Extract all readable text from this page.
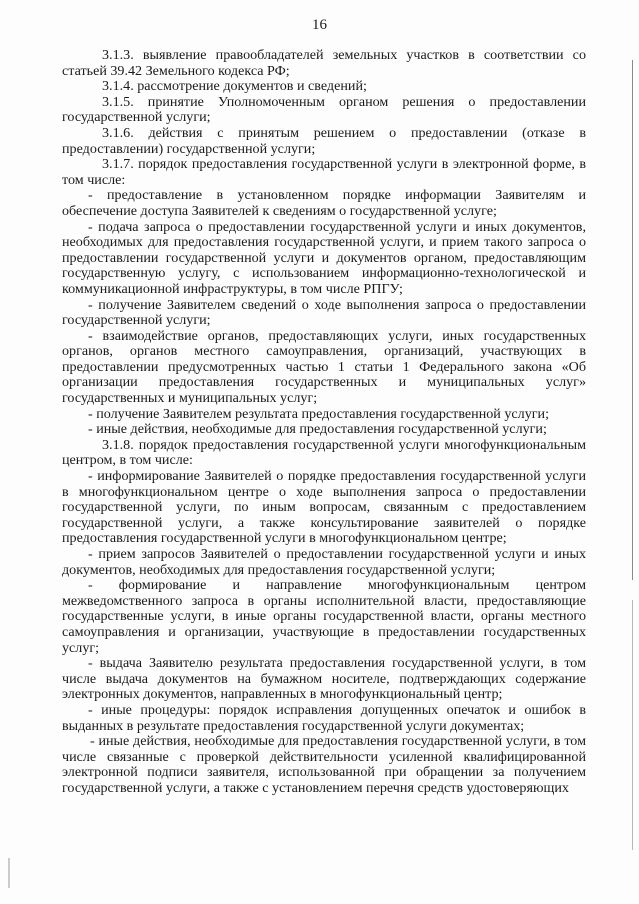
16

3.1.3. выявление правообладателей земельных участков в соответствии со статьей 39.42 Земельного кодекса РФ;

3.1.4. рассмотрение документов и сведений;

3.1.5. принятие Уполномоченным органом решения о предоставлении государственной услуги;

3.1.6. действия с принятым решением о предоставлении (отказе в предоставлении) государственной услуги;

3.1.7. порядок предоставления государственной услуги в электронной форме, в том числе:

- предоставление в установленном порядке информации Заявителям и обеспечение доступа Заявителей к сведениям о государственной услуге;

- подача запроса о предоставлении государственной услуги и иных документов, необходимых для предоставления государственной услуги, и прием такого запроса о предоставлении государственной услуги и документов органом, предоставляющим государственную услугу, с использованием информационно-технологической и коммуникационной инфраструктуры, в том числе РПГУ;

- получение Заявителем сведений о ходе выполнения запроса о предоставлении государственной услуги;

- взаимодействие органов, предоставляющих услуги, иных государственных органов, органов местного самоуправления, организаций, участвующих в предоставлении предусмотренных частью 1 статьи 1 Федерального закона «Об организации предоставления государственных и муниципальных услуг» государственных и муниципальных услуг;

- получение Заявителем результата предоставления государственной услуги;

- иные действия, необходимые для предоставления государственной услуги;

3.1.8. порядок предоставления государственной услуги многофункциональным центром, в том числе:

- информирование Заявителей о порядке предоставления государственной услуги в многофункциональном центре о ходе выполнения запроса о предоставлении государственной услуги, по иным вопросам, связанным с предоставлением государственной услуги, а также консультирование заявителей о порядке предоставления государственной услуги в многофункциональном центре;

- прием запросов Заявителей о предоставлении государственной услуги и иных документов, необходимых для предоставления государственной услуги;

- формирование и направление многофункциональным центром межведомственного запроса в органы исполнительной власти, предоставляющие государственные услуги, в иные органы государственной власти, органы местного самоуправления и организации, участвующие в предоставлении государственных услуг;

- выдача Заявителю результата предоставления государственной услуги, в том числе выдача документов на бумажном носителе, подтверждающих содержание электронных документов, направленных в многофункциональный центр;

- иные процедуры: порядок исправления допущенных опечаток и ошибок в выданных в результате предоставления государственной услуги документах;

- иные действия, необходимые для предоставления государственной услуги, в том числе связанные с проверкой действительности усиленной квалифицированной электронной подписи заявителя, использованной при обращении за получением государственной услуги, а также с установлением перечня средств удостоверяющих
